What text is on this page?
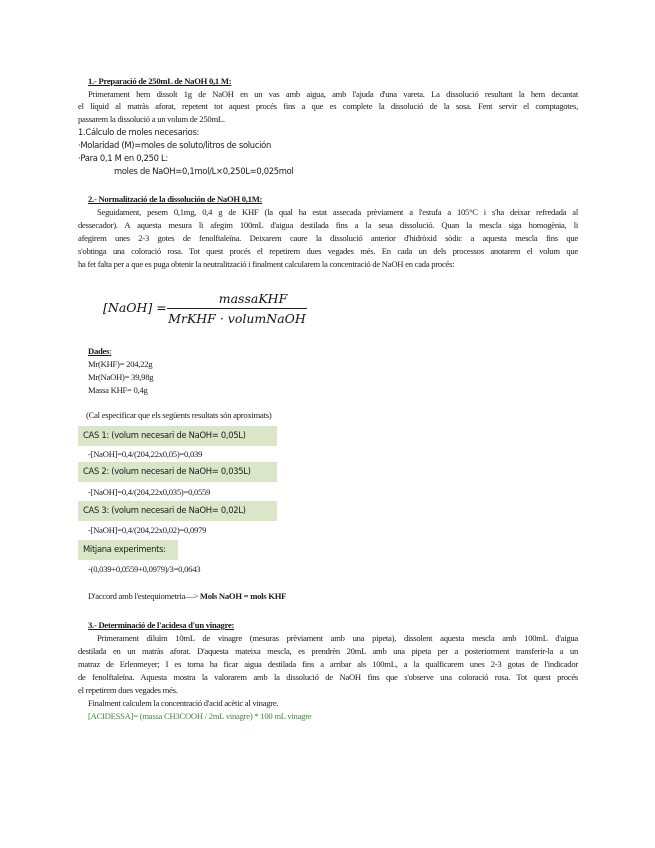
1.- Preparació de 250mL de NaOH 0,1 M:
Primerament hem dissolt 1g de NaOH en un vas amb aigua, amb l'ajuda d'una vareta. La dissolució resultant la hem decantat
el líquid al matràs aforat, repetent tot aquest procés fins a que es complete la dissolució de la sosa. Fent servir el comptagotes,
passarem la dissolució a un volum de 250mL.
1.Cálculo de moles necesarios:
·Molaridad (M)=moles de soluto/litros de solución
·Para 0,1 M en 0,250 L:
moles de NaOH=0,1mol/L×0,250L=0,025mol
2.- Normalització de la dissolución de NaOH 0,1M:
Seguidament, pesem 0,1mg, 0,4 g de KHF (la qual ha estat assecada prèviament a l'estufa a 105°C i s'ha deixar refredada al
dessecador). A aquesta mesura li afegim 100mL d'aigua destilada fins a la seua dissolució. Quan la mescla siga homogènia, li
afegirem unes 2-3 gotes de fenolftaleïna. Deixarem caure la dissolució anterior d'hidròxid sòdic a aquesta mescla fins que
s'obtinga una coloració rosa. Tot quest procés el repetirem dues vegades més. En cada un dels processos anotarem el volum que
ha fet falta per a que es puga obtenir la neutralització i finalment calcularem la concentració de NaOH en cada procés:
[NaOH] =
massaKHF
MrKHF · volumNaOH
Dades:
Mr(KHF)= 204,22g
Mr(NaOH)= 39,98g
Massa KHF= 0,4g
(Cal especificar que els següents resultats són aproximats)
CAS 1: (volum necesari de NaOH= 0,05L)
-[NaOH]=0,4/(204,22x0,05)=0,039
CAS 2: (volum necesari de NaOH= 0,035L)
-[NaOH]=0,4/(204,22x0,035)=0,0559
CAS 3: (volum necesari de NaOH= 0,02L)
-[NaOH]=0,4/(204,22x0,02)=0,0979
Mitjana experiments:
-(0,039+0,0559+0,0979)/3=0,0643
D'accord amb l'estequiometria—> Mols NaOH = mols KHF
3.- Determinació de l'acidesa d'un vinagre:
Primerament diluïm 10mL de vinagre (mesuras prèviament amb una pipeta), dissolent aquesta mescla amb 100mL d'aigua
destilada en un matràs aforat. D'aquesta mateixa mescla, es prendrèn 20mL amb una pipeta per a posteriorment transferir-la a un
matraz de Erlenmeyer; I es torna ha ficar aigua destilada fins a arribar als 100mL, a la qualficarem unes 2-3 gotas de l'indicador
de fenolftaleïna. Aquesta mostra la valorarem amb la dissolució de NaOH fins que s'observe una coloració rosa. Tot quest procés
el repetirem dues vegades més.
Finalment calculem la concentració d'acid acètic al vinagre.
[ACIDESSA]= (massa CH3COOH / 2mL vinagre) * 100 mL vinagre
